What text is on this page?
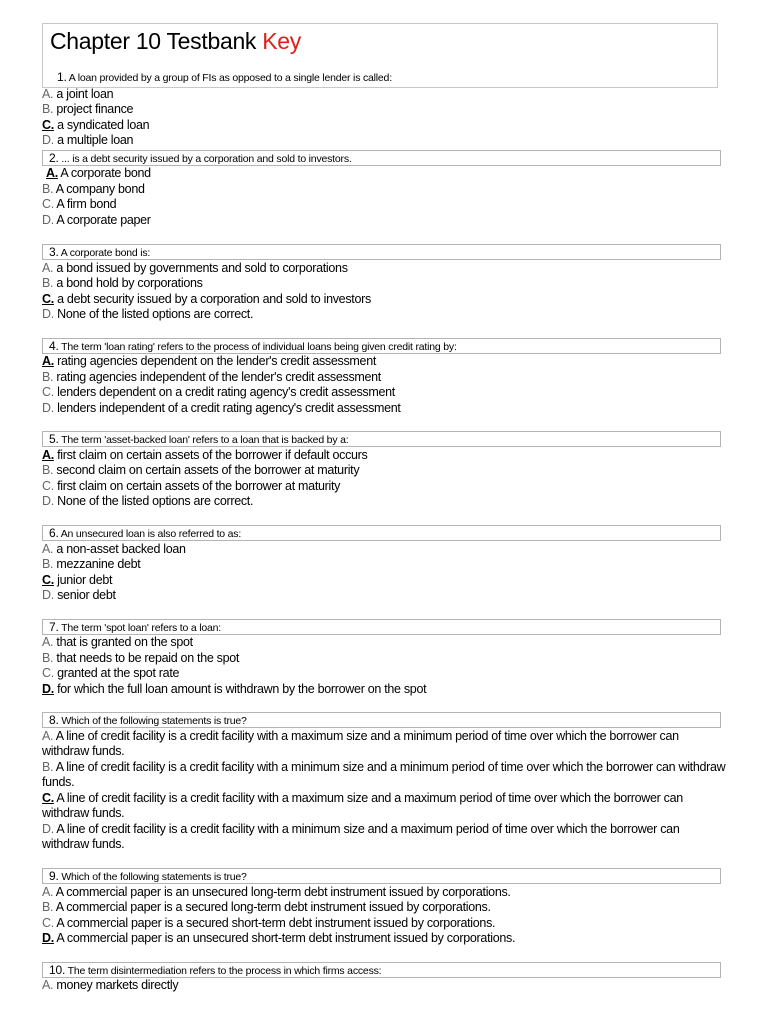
Chapter 10 Testbank Key
1. A loan provided by a group of FIs as opposed to a single lender is called:
A. a joint loan
B. project finance
C. a syndicated loan
D. a multiple loan
2. ... is a debt security issued by a corporation and sold to investors.
A. A corporate bond
B. A company bond
C. A firm bond
D. A corporate paper
3. A corporate bond is:
A. a bond issued by governments and sold to corporations
B. a bond hold by corporations
C. a debt security issued by a corporation and sold to investors
D. None of the listed options are correct.
4. The term 'loan rating' refers to the process of individual loans being given credit rating by:
A. rating agencies dependent on the lender's credit assessment
B. rating agencies independent of the lender's credit assessment
C. lenders dependent on a credit rating agency's credit assessment
D. lenders independent of a credit rating agency's credit assessment
5. The term 'asset-backed loan' refers to a loan that is backed by a:
A. first claim on certain assets of the borrower if default occurs
B. second claim on certain assets of the borrower at maturity
C. first claim on certain assets of the borrower at maturity
D. None of the listed options are correct.
6. An unsecured loan is also referred to as:
A. a non-asset backed loan
B. mezzanine debt
C. junior debt
D. senior debt
7. The term 'spot loan' refers to a loan:
A. that is granted on the spot
B. that needs to be repaid on the spot
C. granted at the spot rate
D. for which the full loan amount is withdrawn by the borrower on the spot
8. Which of the following statements is true?
A. A line of credit facility is a credit facility with a maximum size and a minimum period of time over which the borrower can withdraw funds.
B. A line of credit facility is a credit facility with a minimum size and a minimum period of time over which the borrower can withdraw funds.
C. A line of credit facility is a credit facility with a maximum size and a maximum period of time over which the borrower can withdraw funds.
D. A line of credit facility is a credit facility with a minimum size and a maximum period of time over which the borrower can withdraw funds.
9. Which of the following statements is true?
A. A commercial paper is an unsecured long-term debt instrument issued by corporations.
B. A commercial paper is a secured long-term debt instrument issued by corporations.
C. A commercial paper is a secured short-term debt instrument issued by corporations.
D. A commercial paper is an unsecured short-term debt instrument issued by corporations.
10. The term disintermediation refers to the process in which firms access:
A. money markets directly
